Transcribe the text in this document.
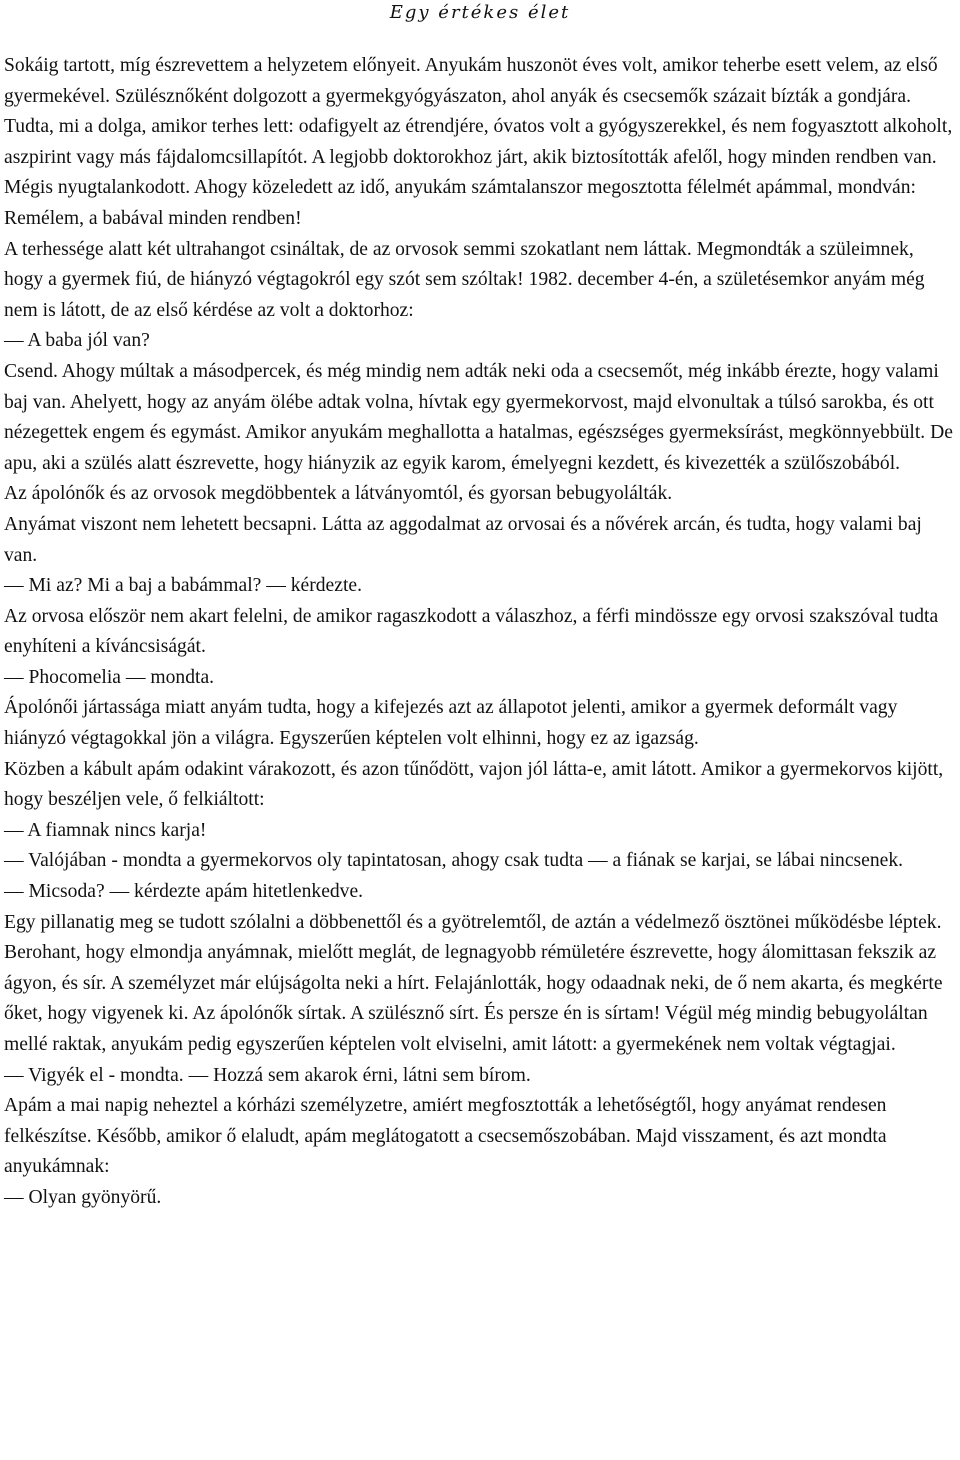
Egy értékes élet

Sokáig tartott, míg észrevettem a helyzetem előnyeit. Anyukám huszonöt éves volt, amikor teherbe esett velem, az első gyermekével. Szülésznőként dolgozott a gyermekgyógyászaton, ahol anyák és csecsemők százait bízták a gondjára. Tudta, mi a dolga, amikor terhes lett: odafigyelt az étrendjére, óvatos volt a gyógyszerekkel, és nem fogyasztott alkoholt, aszpirint vagy más fájdalomcsillapítót. A legjobb doktorokhoz járt, akik biztosították afelől, hogy minden rendben van.

Mégis nyugtalankodott. Ahogy közeledett az idő, anyukám számtalanszor megosztotta félelmét apámmal, mondván: Remélem, a babával minden rendben!

A terhessége alatt két ultrahangot csináltak, de az orvosok semmi szokatlant nem láttak. Megmondták a szüleimnek, hogy a gyermek fiú, de hiányzó végtagokról egy szót sem szóltak! 1982. december 4-én, a születésemkor anyám még nem is látott, de az első kérdése az volt a doktorhoz:

— A baba jól van?

Csend. Ahogy múltak a másodpercek, és még mindig nem adták neki oda a csecsemőt, még inkább érezte, hogy valami baj van. Ahelyett, hogy az anyám ölébe adtak volna, hívtak egy gyermekorvost, majd elvonultak a túlsó sarokba, és ott nézegettek engem és egymást. Amikor anyukám meghallotta a hatalmas, egészséges gyermeksírást, megkönnyebbült. De apu, aki a szülés alatt észrevette, hogy hiányzik az egyik karom, émelyegni kezdett, és kivezették a szülőszobából.

Az ápolónők és az orvosok megdöbbentek a látványomtól, és gyorsan bebugyolálták.

Anyámat viszont nem lehetett becsapni. Látta az aggodalmat az orvosai és a nővérek arcán, és tudta, hogy valami baj van.

— Mi az? Mi a baj a babámmal? — kérdezte.

Az orvosa először nem akart felelni, de amikor ragaszkodott a válaszhoz, a férfi mindössze egy orvosi szakszóval tudta enyhíteni a kíváncsiságát.

— Phocomelia — mondta.

Ápolónői jártassága miatt anyám tudta, hogy a kifejezés azt az állapotot jelenti, amikor a gyermek deformált vagy hiányzó végtagokkal jön a világra. Egyszerűen képtelen volt elhinni, hogy ez az igazság.

Közben a kábult apám odakint várakozott, és azon tűnődött, vajon jól látta-e, amit látott. Amikor a gyermekorvos kijött, hogy beszéljen vele, ő felkiáltott:

— A fiamnak nincs karja!

— Valójában - mondta a gyermekorvos oly tapintatosan, ahogy csak tudta — a fiának se karjai, se lábai nincsenek.

— Micsoda? — kérdezte apám hitetlenkedve.

Egy pillanatig meg se tudott szólalni a döbbenettől és a gyötrelemtől, de aztán a védelmező ösztönei működésbe léptek. Berohant, hogy elmondja anyámnak, mielőtt meglát, de legnagyobb rémületére észrevette, hogy álomittasan fekszik az ágyon, és sír. A személyzet már elújságolta neki a hírt. Felajánlották, hogy odaadnak neki, de ő nem akarta, és megkérte őket, hogy vigyenek ki. Az ápolónők sírtak. A szülésznő sírt. És persze én is sírtam! Végül még mindig bebugyoláltan mellé raktak, anyukám pedig egyszerűen képtelen volt elviselni, amit látott: a gyermekének nem voltak végtagjai.

— Vigyék el - mondta. — Hozzá sem akarok érni, látni sem bírom.

Apám a mai napig neheztel a kórházi személyzetre, amiért megfosztották a lehetőségtől, hogy anyámat rendesen felkészítse. Később, amikor ő elaludt, apám meglátogatott a csecsemőszobában. Majd visszament, és azt mondta anyukámnak:

— Olyan gyönyörű.
